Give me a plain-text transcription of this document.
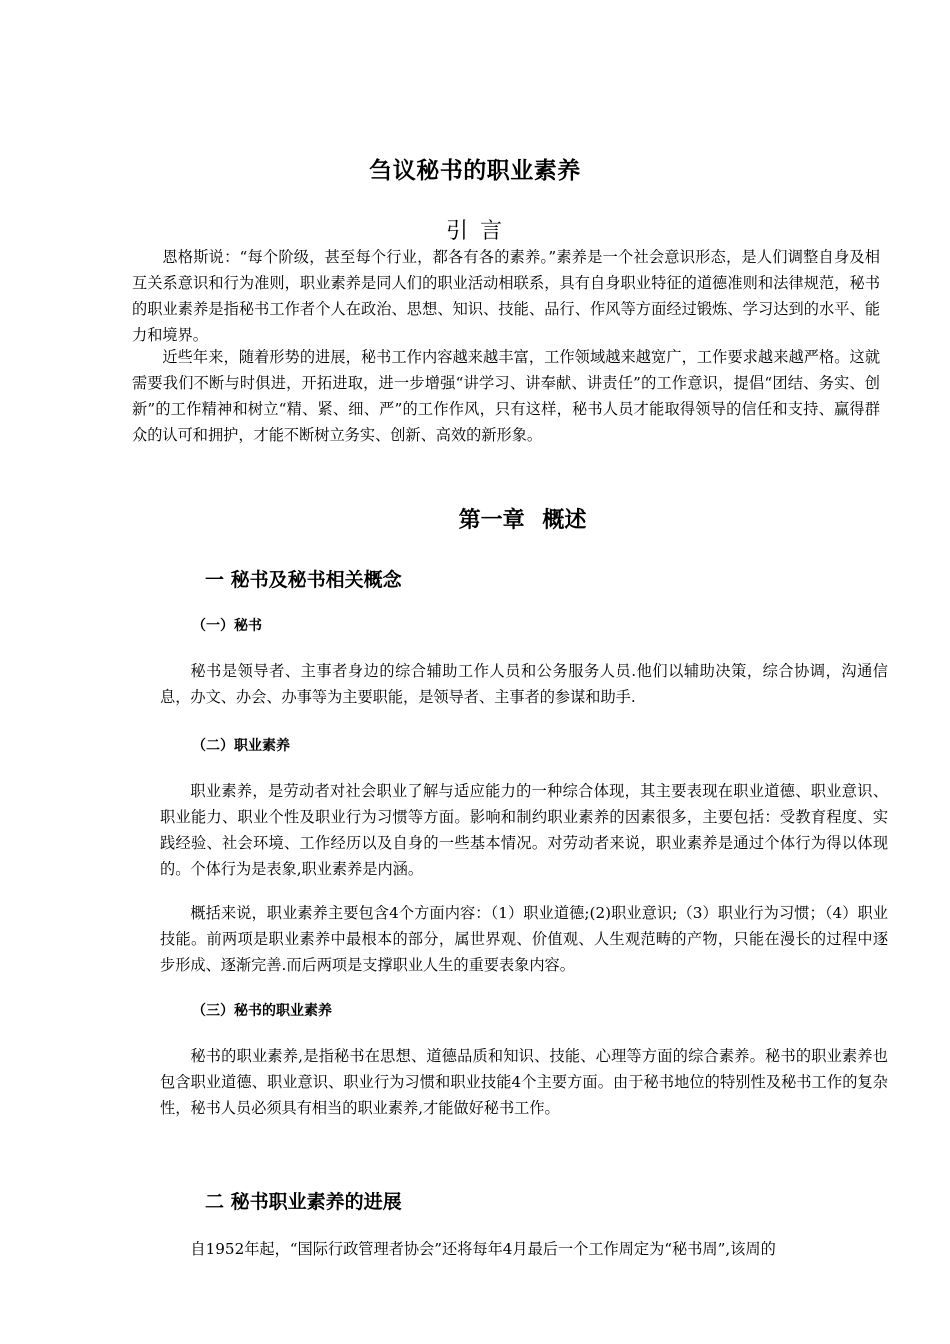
刍议秘书的职业素养
引言

恩格斯说：“每个阶级，甚至每个行业，都各有各的素养。”素养是一个社会意识形态，是人们调整自身及相互关系意识和行为准则，职业素养是同人们的职业活动相联系，具有自身职业特征的道德准则和法律规范，秘书的职业素养是指秘书工作者个人在政治、思想、知识、技能、品行、作风等方面经过锻炼、学习达到的水平、能力和境界。

近些年来，随着形势的进展，秘书工作内容越来越丰富，工作领域越来越宽广，工作要求越来越严格。这就需要我们不断与时俱进，开拓进取，进一步增强“讲学习、讲奉献、讲责任”的工作意识，提倡“团结、务实、创新”的工作精神和树立“精、紧、细、严”的工作作风，只有这样，秘书人员才能取得领导的信任和支持、赢得群众的认可和拥护，才能不断树立务实、创新、高效的新形象。

第一章 概述
一 秘书及秘书相关概念
（一）秘书

秘书是领导者、主事者身边的综合辅助工作人员和公务服务人员.他们以辅助决策，综合协调，沟通信息，办文、办会、办事等为主要职能，是领导者、主事者的参谋和助手.

（二）职业素养

职业素养，是劳动者对社会职业了解与适应能力的一种综合体现，其主要表现在职业道德、职业意识、职业能力、职业个性及职业行为习惯等方面。影响和制约职业素养的因素很多，主要包括：受教育程度、实践经验、社会环境、工作经历以及自身的一些基本情况。对劳动者来说，职业素养是通过个体行为得以体现的。个体行为是表象,职业素养是内涵。

概括来说，职业素养主要包含4个方面内容：（1）职业道德;(2)职业意识;（3）职业行为习惯；（4）职业技能。前两项是职业素养中最根本的部分，属世界观、价值观、人生观范畴的产物，只能在漫长的过程中逐步形成、逐渐完善.而后两项是支撑职业人生的重要表象内容。

（三）秘书的职业素养

秘书的职业素养,是指秘书在思想、道德品质和知识、技能、心理等方面的综合素养。秘书的职业素养也包含职业道德、职业意识、职业行为习惯和职业技能4个主要方面。由于秘书地位的特别性及秘书工作的复杂性，秘书人员必须具有相当的职业素养,才能做好秘书工作。

二 秘书职业素养的进展

自1952年起，“国际行政管理者协会”还将每年4月最后一个工作周定为“秘书周”,该周的
